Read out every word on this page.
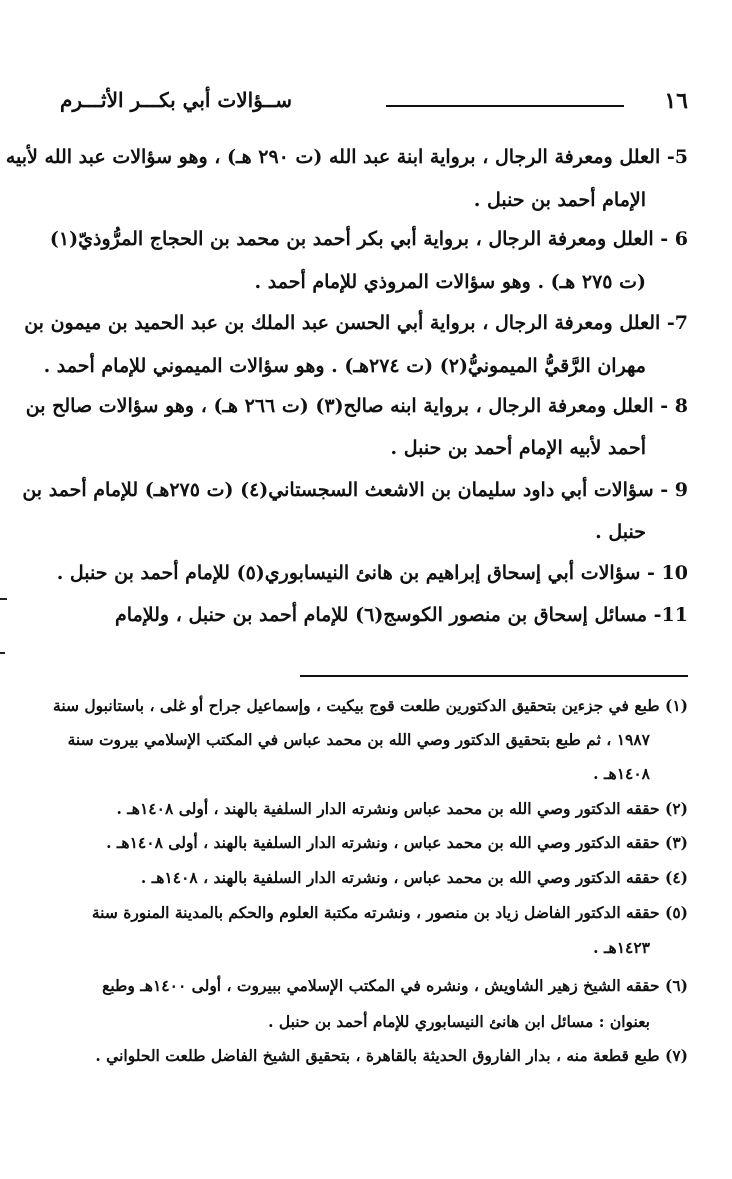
١٦
ســؤالات أبي بكـــر الأثـــرم
5- العلل ومعرفة الرجال ، برواية ابنة عبد الله (ت ٢٩٠ هـ) ، وهو سؤالات عبد الله لأبيه
الإمام أحمد بن حنبل .
6 - العلل ومعرفة الرجال ، برواية أبي بكر أحمد بن محمد بن الحجاج المرُّوذيّ(١)
(ت ٢٧٥ هـ) . وهو سؤالات المروذي للإمام أحمد .
7- العلل ومعرفة الرجال ، برواية أبي الحسن عبد الملك بن عبد الحميد بن ميمون بن
مهران الرَّقيُّ الميمونيُّ(٢) (ت ٢٧٤هـ) . وهو سؤالات الميموني للإمام أحمد .
8 - العلل ومعرفة الرجال ، برواية ابنه صالح(٣) (ت ٢٦٦ هـ) ، وهو سؤالات صالح بن
أحمد لأبيه الإمام أحمد بن حنبل .
9 - سؤالات أبي داود سليمان بن الاشعث السجستاني(٤) (ت ٢٧٥هـ) للإمام أحمد بن
حنبل .
10 - سؤالات أبي إسحاق إبراهيم بن هانئ النيسابوري(٥) للإمام أحمد بن حنبل .
11- مسائل إسحاق بن منصور الكوسج(٦) للإمام أحمد بن حنبل ، وللإمام
(١) طبع في جزءين بتحقيق الدكتورين طلعت قوج بيكيت ، وإسماعيل جراح أو غلى ، باستانبول سنة
١٩٨٧ ، ثم طبع بتحقيق الدكتور وصي الله بن محمد عباس في المكتب الإسلامي بيروت سنة
١٤٠٨هـ .
(٢) حققه الدكتور وصي الله بن محمد عباس ونشرته الدار السلفية بالهند ، أولى ١٤٠٨هـ .
(٣) حققه الدكتور وصي الله بن محمد عباس ، ونشرته الدار السلفية بالهند ، أولى ١٤٠٨هـ .
(٤) حققه الدكتور وصي الله بن محمد عباس ، ونشرته الدار السلفية بالهند ، ١٤٠٨هـ .
(٥) حققه الدكتور الفاضل زياد بن منصور ، ونشرته مكتبة العلوم والحكم بالمدينة المنورة سنة
١٤٢٣هـ .
(٦) حققه الشيخ زهير الشاويش ، ونشره في المكتب الإسلامي ببيروت ، أولى ١٤٠٠هـ وطبع
بعنوان : مسائل ابن هانئ النيسابوري للإمام أحمد بن حنبل .
(٧) طبع قطعة منه ، بدار الفاروق الحديثة بالقاهرة ، بتحقيق الشيخ الفاضل طلعت الحلواني .
